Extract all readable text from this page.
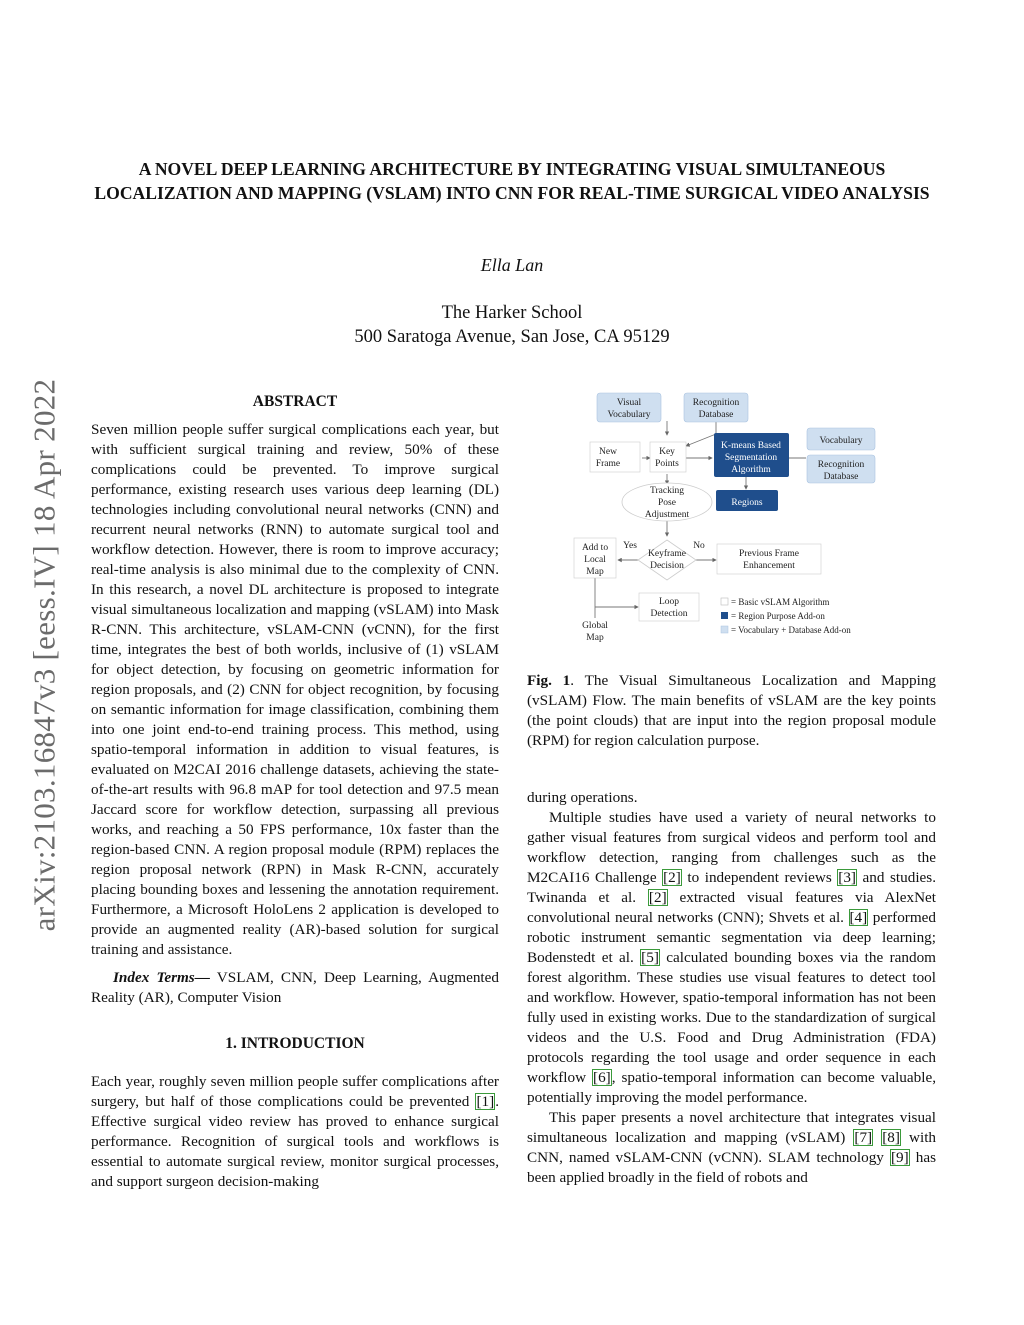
arXiv:2103.16847v3 [eess.IV] 18 Apr 2022
A NOVEL DEEP LEARNING ARCHITECTURE BY INTEGRATING VISUAL SIMULTANEOUS LOCALIZATION AND MAPPING (VSLAM) INTO CNN FOR REAL-TIME SURGICAL VIDEO ANALYSIS
Ella Lan
The Harker School
500 Saratoga Avenue, San Jose, CA 95129

ABSTRACT

Seven million people suffer surgical complications each year, but with sufficient surgical training and review, 50% of these complications could be prevented. To improve surgical performance, existing research uses various deep learning (DL) technologies including convolutional neural networks (CNN) and recurrent neural networks (RNN) to automate surgical tool and workflow detection. However, there is room to improve accuracy; real-time analysis is also minimal due to the complexity of CNN. In this research, a novel DL architecture is proposed to integrate visual simultaneous localization and mapping (vSLAM) into Mask R-CNN. This architecture, vSLAM-CNN (vCNN), for the first time, integrates the best of both worlds, inclusive of (1) vSLAM for object detection, by focusing on geometric information for region proposals, and (2) CNN for object recognition, by focusing on semantic information for image classification, combining them into one joint end-to-end training process. This method, using spatio-temporal information in addition to visual features, is evaluated on M2CAI 2016 challenge datasets, achieving the state-of-the-art results with 96.8 mAP for tool detection and 97.5 mean Jaccard score for workflow detection, surpassing all previous works, and reaching a 50 FPS performance, 10x faster than the region-based CNN. A region proposal module (RPM) replaces the region proposal network (RPN) in Mask R-CNN, accurately placing bounding boxes and lessening the annotation requirement. Furthermore, a Microsoft HoloLens 2 application is developed to provide an augmented reality (AR)-based solution for surgical training and assistance.

Index Terms— VSLAM, CNN, Deep Learning, Augmented Reality (AR), Computer Vision

1. INTRODUCTION

Each year, roughly seven million people suffer complications after surgery, but half of those complications could be prevented [1]. Effective surgical video review has proved to enhance surgical performance. Recognition of surgical tools and workflows is essential to automate surgical review, monitor surgical processes, and support surgeon decision-making

Visual
Vocabulary
Recognition
Database
Vocabulary
Recognition
Database
K-means Based
Segmentation
Algorithm
Regions
New
Frame
Key
Points
Tracking
Pose
Adjustment
Add to
Local
Map
Yes	No
Keyframe
Decision
Previous Frame
Enhancement
Loop
Detection
Global
Map
= Basic vSLAM Algorithm
= Region Purpose Add-on
= Vocabulary + Database Add-on
Fig. 1. The Visual Simultaneous Localization and Mapping (vSLAM) Flow. The main benefits of vSLAM are the key points (the point clouds) that are input into the region proposal module (RPM) for region calculation purpose.

during operations.

Multiple studies have used a variety of neural networks to gather visual features from surgical videos and perform tool and workflow detection, ranging from challenges such as the M2CAI16 Challenge [2] to independent reviews [3] and studies. Twinanda et al. [2] extracted visual features via AlexNet convolutional neural networks (CNN); Shvets et al. [4] performed robotic instrument semantic segmentation via deep learning; Bodenstedt et al. [5] calculated bounding boxes via the random forest algorithm. These studies use visual features to detect tool and workflow. However, spatio-temporal information has not been fully used in existing works. Due to the standardization of surgical videos and the U.S. Food and Drug Administration (FDA) protocols regarding the tool usage and order sequence in each workflow [6], spatio-temporal information can become valuable, potentially improving the model performance.

This paper presents a novel architecture that integrates visual simultaneous localization and mapping (vSLAM) [7] [8] with CNN, named vSLAM-CNN (vCNN). SLAM technology [9] has been applied broadly in the field of robots and
